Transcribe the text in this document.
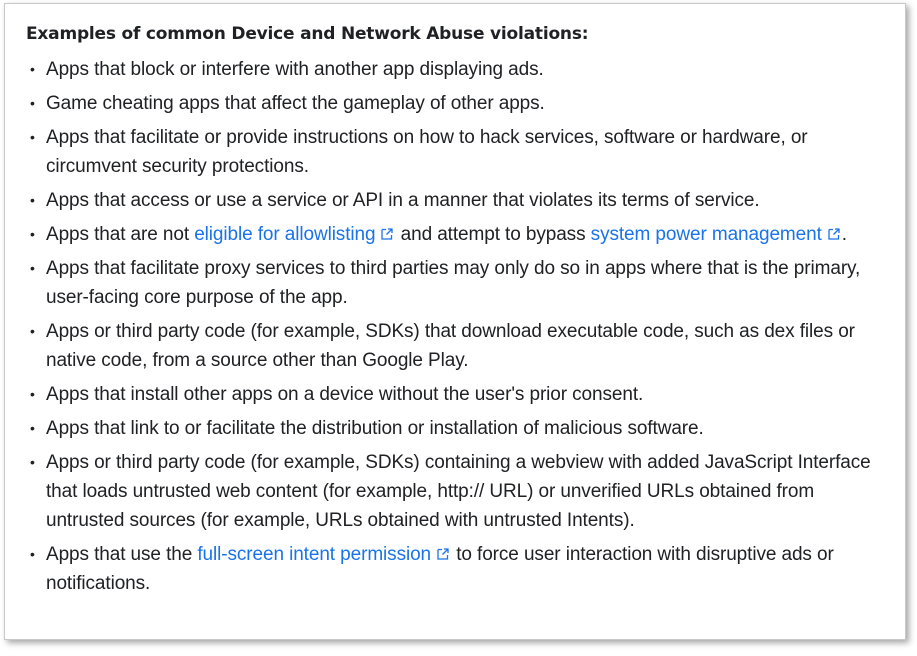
Examples of common Device and Network Abuse violations:
• Apps that block or interfere with another app displaying ads.
• Game cheating apps that affect the gameplay of other apps.
• Apps that facilitate or provide instructions on how to hack services, software or hardware, or circumvent security protections.
• Apps that access or use a service or API in a manner that violates its terms of service.
• Apps that are not eligible for allowlisting and attempt to bypass system power management .
• Apps that facilitate proxy services to third parties may only do so in apps where that is the primary, user-facing core purpose of the app.
• Apps or third party code (for example, SDKs) that download executable code, such as dex files or native code, from a source other than Google Play.
• Apps that install other apps on a device without the user's prior consent.
• Apps that link to or facilitate the distribution or installation of malicious software.
• Apps or third party code (for example, SDKs) containing a webview with added JavaScript Interface that loads untrusted web content (for example, http:// URL) or unverified URLs obtained from untrusted sources (for example, URLs obtained with untrusted Intents).
• Apps that use the full-screen intent permission to force user interaction with disruptive ads or notifications.
